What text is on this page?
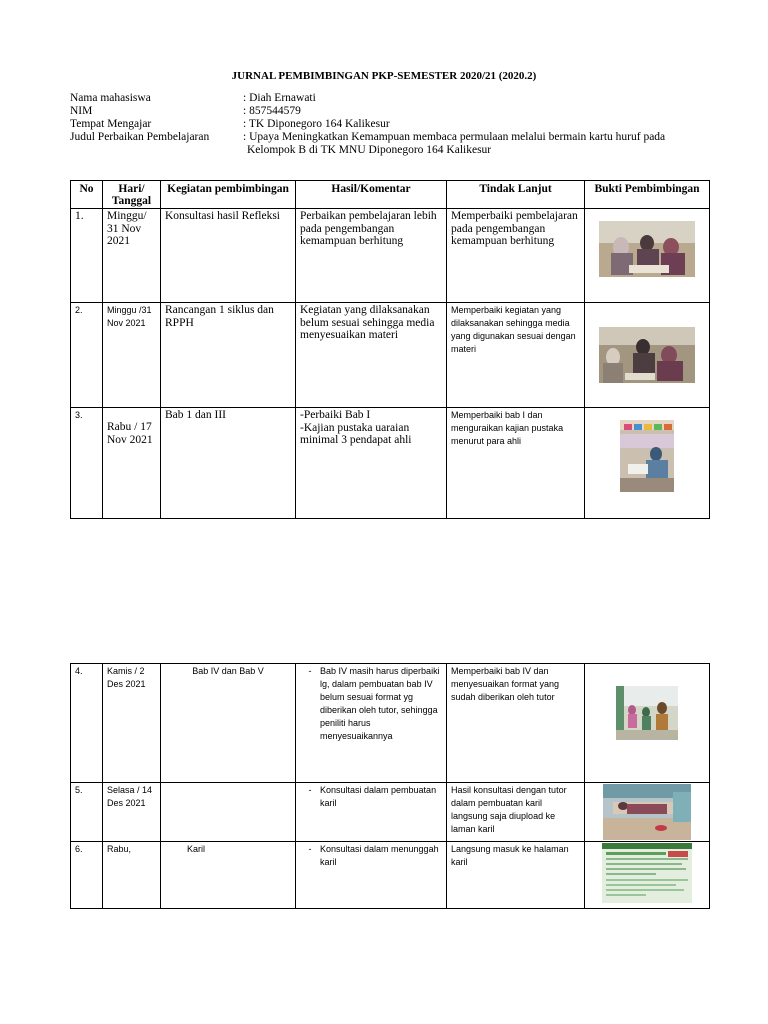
JURNAL PEMBIMBINGAN PKP-SEMESTER 2020/21 (2020.2)
Nama mahasiswa	: Diah Ernawati
NIM	: 857544579
Tempat Mengajar	: TK Diponegoro 164 Kalikesur
Judul Perbaikan Pembelajaran	: Upaya Meningkatkan Kemampuan membaca permulaan melalui bermain kartu huruf pada
Kelompok B di TK MNU Diponegoro 164 Kalikesur
No	Hari/ Tanggal	Kegiatan pembimbingan	Hasil/Komentar	Tindak Lanjut	Bukti Pembimbingan
1.	Minggu/ 31 Nov 2021	Konsultasi hasil Refleksi	Perbaikan pembelajaran lebih pada pengembangan kemampuan berhitung	Memperbaiki pembelajaran pada pengembangan kemampuan berhitung	

2.	Minggu /31 Nov 2021	Rancangan 1 siklus dan RPPH	Kegiatan yang dilaksanakan belum sesuai sehingga media menyesuaikan materi	Memperbaiki kegiatan yang dilaksanakan sehingga media yang digunakan sesuai dengan materi	

3.	Rabu / 17 Nov 2021	Bab 1 dan III	-Perbaiki Bab I
-Kajian pustaka uaraian minimal 3 pendapat ahli	Memperbaiki bab I dan menguraikan kajian pustaka menurut para ahli	
4.	Kamis / 2 Des 2021	Bab IV dan Bab V	- Bab IV masih harus diperbaiki lg, dalam pembuatan bab IV belum sesuai format yg diberikan oleh tutor, sehingga peniliti harus menyesuaikannya	Memperbaiki bab IV dan menyesuaikan format yang sudah diberikan oleh tutor	

5.	Selasa / 14 Des 2021		- Konsultasi dalam pembuatan karil	Hasil konsultasi dengan tutor dalam pembuatan karil langsung saja diupload ke laman karil	

6.	Rabu,	Karil	- Konsultasi dalam menunggah karil	Langsung masuk ke halaman karil	
